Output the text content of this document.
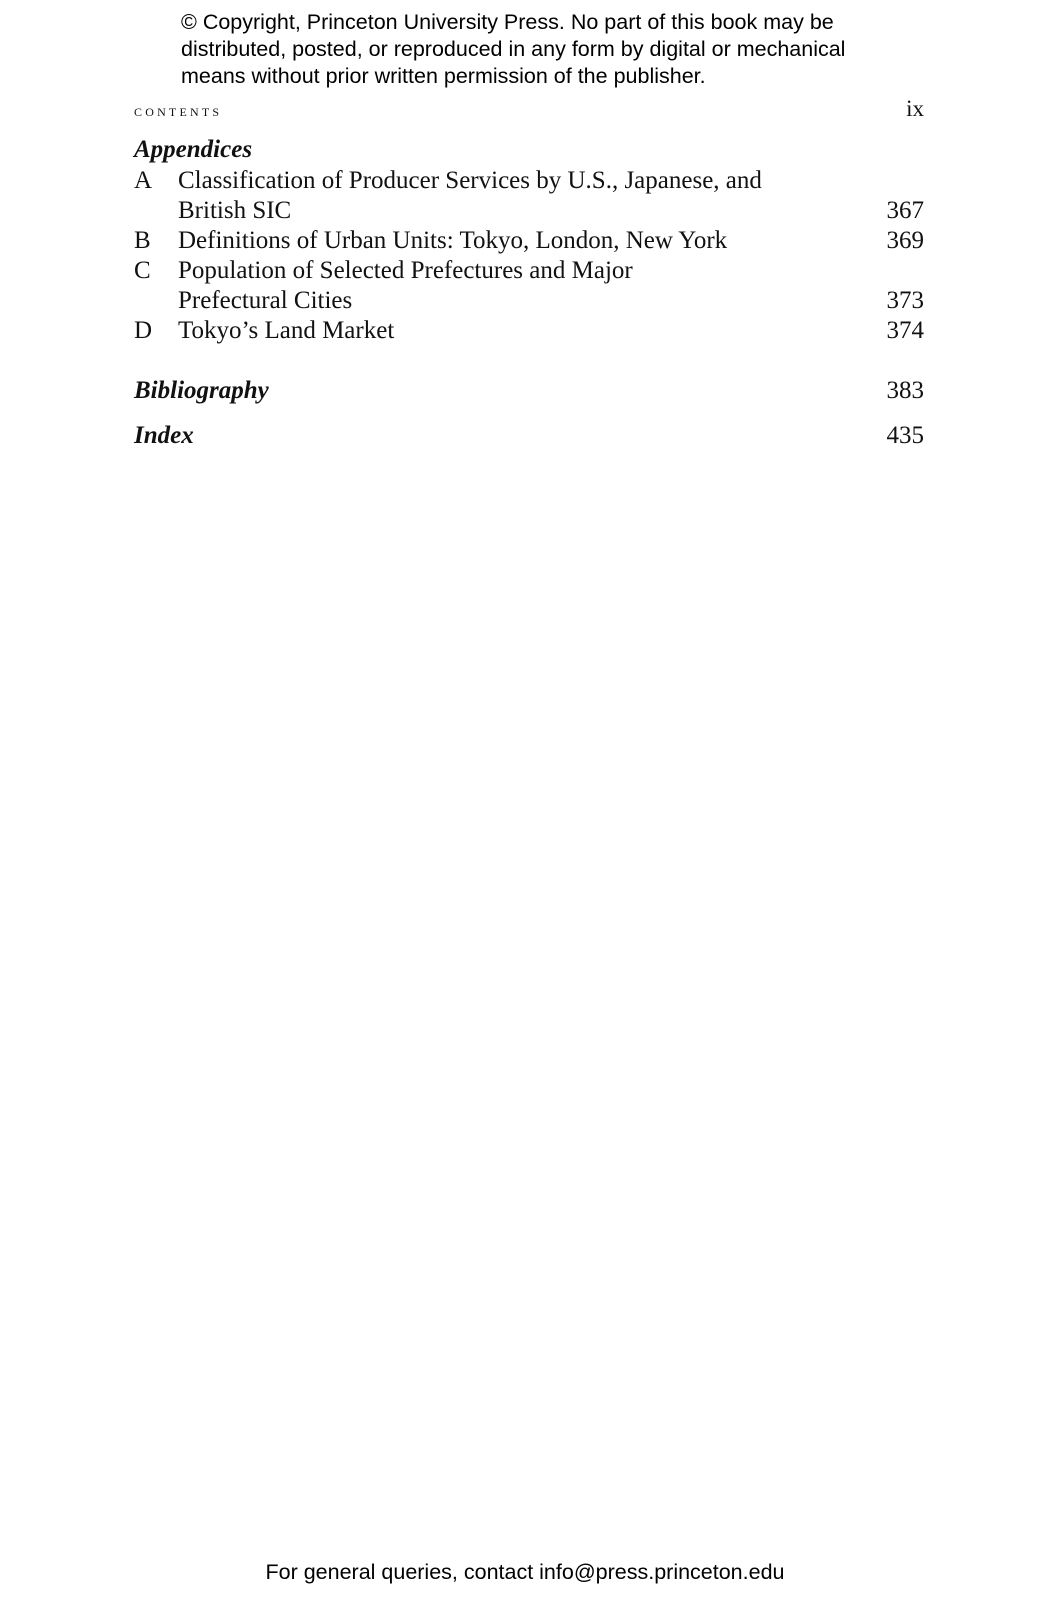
© Copyright, Princeton University Press. No part of this book may be
distributed, posted, or reproduced in any form by digital or mechanical
means without prior written permission of the publisher.
contents	ix
Appendices
A	Classification of Producer Services by U.S., Japanese, and
British SIC	367
B	Definitions of Urban Units: Tokyo, London, New York	369
C	Population of Selected Prefectures and Major
Prefectural Cities	373
D	Tokyo’s Land Market	374
Bibliography	383
Index	435
For general queries, contact info@press.princeton.edu
